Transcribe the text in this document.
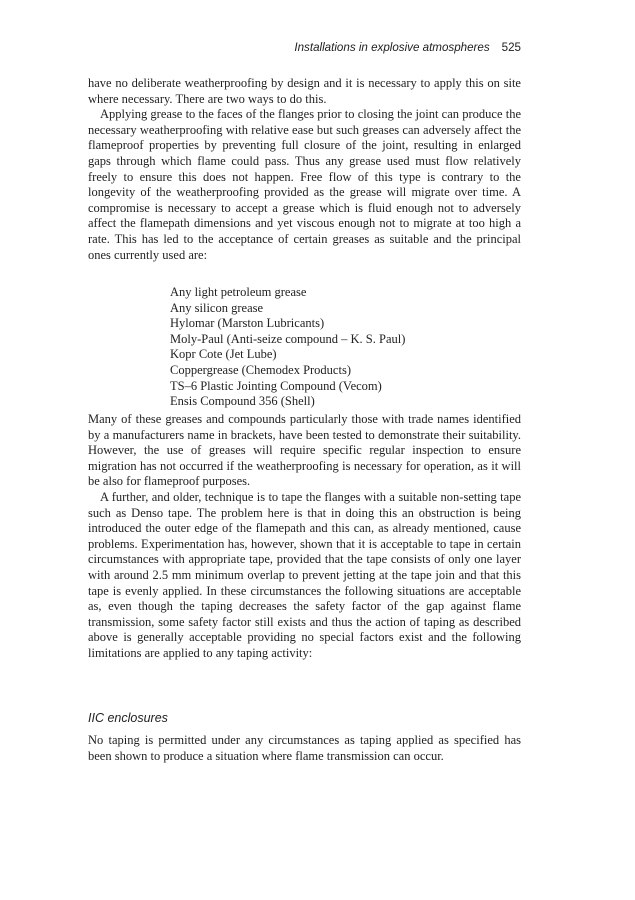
Installations in explosive atmospheres 525

have no deliberate weatherproofing by design and it is necessary to apply this on site where necessary. There are two ways to do this.

Applying grease to the faces of the flanges prior to closing the joint can produce the necessary weatherproofing with relative ease but such greases can adversely affect the flameproof properties by preventing full closure of the joint, resulting in enlarged gaps through which flame could pass. Thus any grease used must flow relatively freely to ensure this does not happen. Free flow of this type is contrary to the longevity of the weatherproofing provided as the grease will migrate over time. A compromise is necessary to accept a grease which is fluid enough not to adversely affect the flamepath dimensions and yet viscous enough not to migrate at too high a rate. This has led to the acceptance of certain greases as suitable and the principal ones currently used are:

Any light petroleum grease
Any silicon grease
Hylomar (Marston Lubricants)
Moly-Paul (Anti-seize compound – K. S. Paul)
Kopr Cote (Jet Lube)
Coppergrease (Chemodex Products)
TS–6 Plastic Jointing Compound (Vecom)
Ensis Compound 356 (Shell)

Many of these greases and compounds particularly those with trade names identified by a manufacturers name in brackets, have been tested to demonstrate their suitability. However, the use of greases will require specific regular inspection to ensure migration has not occurred if the weatherproofing is necessary for operation, as it will be also for flameproof purposes.

A further, and older, technique is to tape the flanges with a suitable non-setting tape such as Denso tape. The problem here is that in doing this an obstruction is being introduced the outer edge of the flamepath and this can, as already mentioned, cause problems. Experimentation has, however, shown that it is acceptable to tape in certain circumstances with appropriate tape, provided that the tape consists of only one layer with around 2.5 mm minimum overlap to prevent jetting at the tape join and that this tape is evenly applied. In these circumstances the following situations are acceptable as, even though the taping decreases the safety factor of the gap against flame transmission, some safety factor still exists and thus the action of taping as described above is generally acceptable providing no special factors exist and the following limitations are applied to any taping activity:

IIC enclosures

No taping is permitted under any circumstances as taping applied as specified has been shown to produce a situation where flame transmission can occur.
